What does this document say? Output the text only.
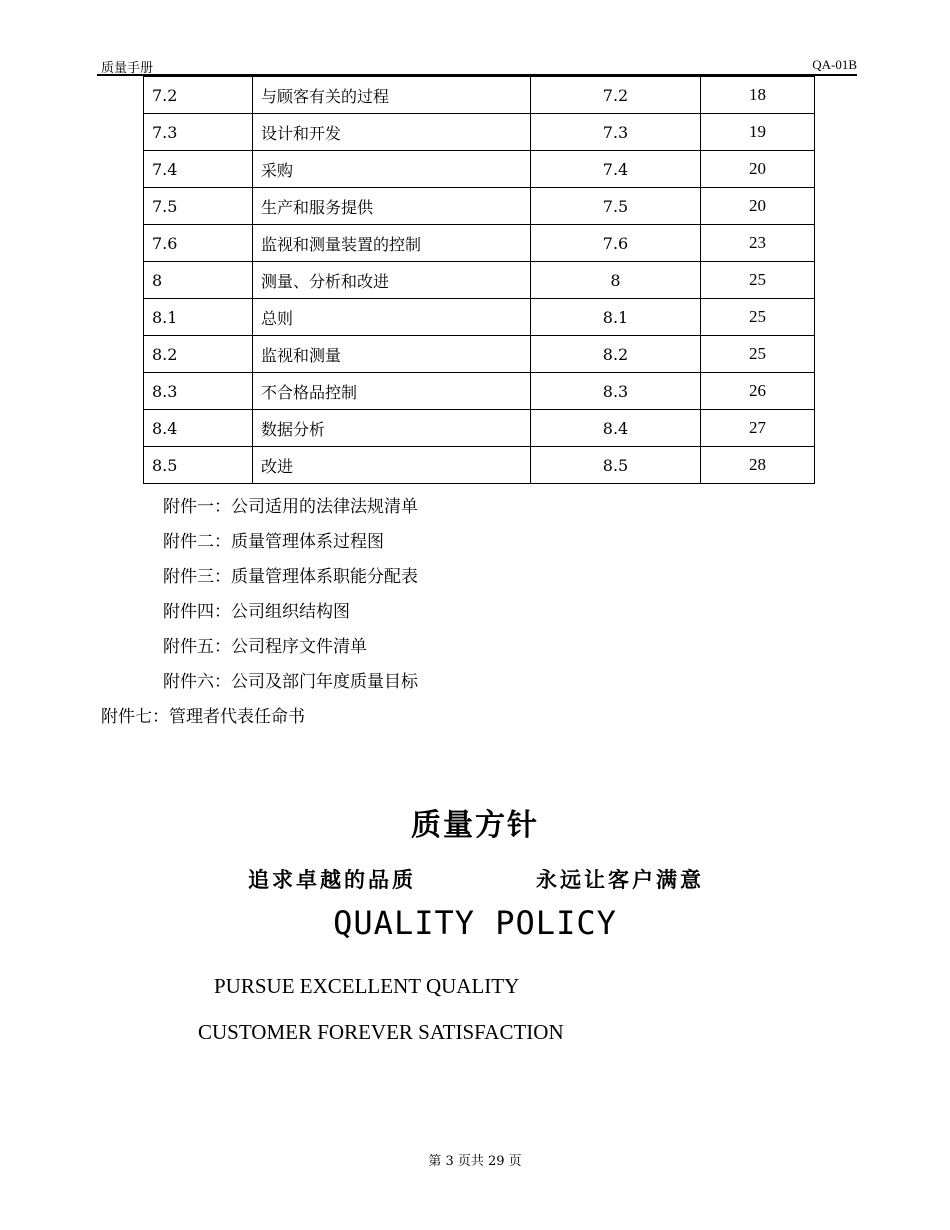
质量手册	QA-01B
7.2	与顾客有关的过程	7.2	18
7.3	设计和开发	7.3	19
7.4	采购	7.4	20
7.5	生产和服务提供	7.5	20
7.6	监视和测量装置的控制	7.6	23
8	测量、分析和改进	8	25
8.1	总则	8.1	25
8.2	监视和测量	8.2	25
8.3	不合格品控制	8.3	26
8.4	数据分析	8.4	27
8.5	改进	8.5	28
附件一：公司适用的法律法规清单
附件二：质量管理体系过程图
附件三：质量管理体系职能分配表
附件四：公司组织结构图
附件五：公司程序文件清单
附件六：公司及部门年度质量目标
附件七：管理者代表任命书
质量方针
追求卓越的品质	永远让客户满意
QUALITY POLICY
PURSUE EXCELLENT QUALITY
CUSTOMER FOREVER SATISFACTION
第 3 页共 29 页
